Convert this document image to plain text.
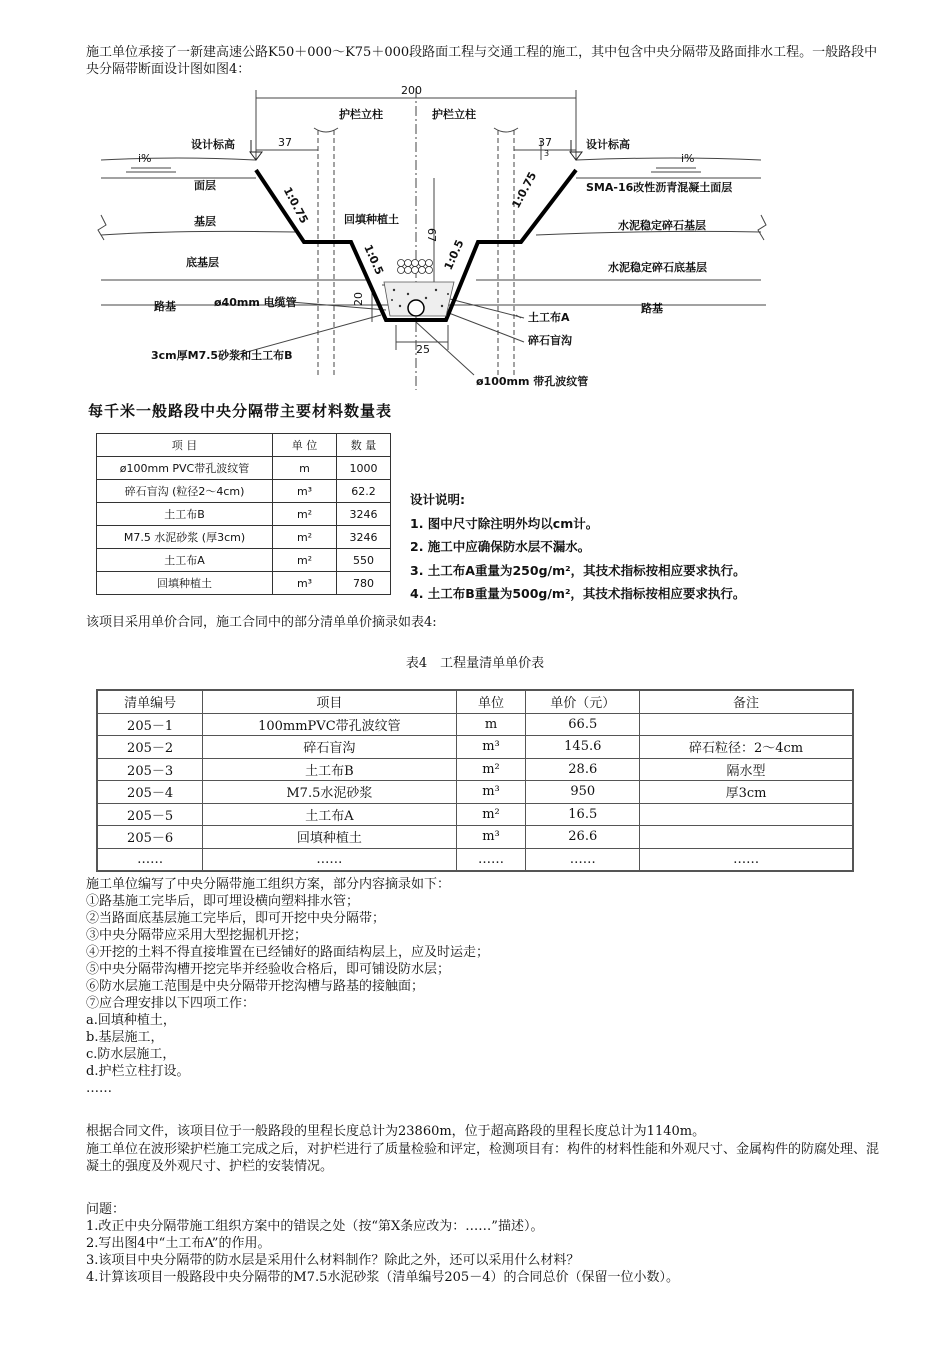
施工单位承接了一新建高速公路K50＋000～K75＋000段路面工程与交通工程的施工，其中包含中央分隔带及路面排水工程。一般路段中央分隔带断面设计图如图4：

200
护栏立柱	护栏立柱
37	37
3
设计标高	设计标高
i%	i%
面层
基层
底基层
路基	路基
SMA-16改性沥青混凝土面层
水泥稳定碎石基层
水泥稳定碎石底基层
回填种植土
1:0.75	1:0.75
1:0.5	1:0.5
67
20
25
ø40mm 电缆管
3cm厚M7.5砂浆和土工布B
土工布A
碎石盲沟
ø100mm 带孔波纹管
每千米一般路段中央分隔带主要材料数量表
项 目	单 位	数 量
ø100mm PVC带孔波纹管	m	1000
碎石盲沟 (粒径2～4cm)	m³	62.2
土工布B	m²	3246
M7.5 水泥砂浆 (厚3cm)	m²	3246
土工布A	m²	550
回填种植土	m³	780
设计说明:
1. 图中尺寸除注明外均以cm计。
2. 施工中应确保防水层不漏水。
3. 土工布A重量为250g/m²，其技术指标按相应要求执行。
4. 土工布B重量为500g/m²，其技术指标按相应要求执行。

该项目采用单价合同，施工合同中的部分清单单价摘录如表4:

表4　工程量清单单价表
清单编号	项目	单位	单价（元）	备注
205－1	100mmPVC带孔波纹管	m	66.5	
205－2	碎石盲沟	m³	145.6	碎石粒径：2～4cm
205－3	土工布B	m²	28.6	隔水型
205－4	M7.5水泥砂浆	m³	950	厚3cm
205－5	土工布A	m²	16.5	
205－6	回填种植土	m³	26.6	
……	……	……	……	……
施工单位编写了中央分隔带施工组织方案，部分内容摘录如下：
①路基施工完毕后，即可埋设横向塑料排水管；
②当路面底基层施工完毕后，即可开挖中央分隔带；
③中央分隔带应采用大型挖掘机开挖；
④开挖的土料不得直接堆置在已经铺好的路面结构层上，应及时运走；
⑤中央分隔带沟槽开挖完毕并经验收合格后，即可铺设防水层；
⑥防水层施工范围是中央分隔带开挖沟槽与路基的接触面；
⑦应合理安排以下四项工作：
a.回填种植土，
b.基层施工，
c.防水层施工，
d.护栏立柱打设。
……

根据合同文件，该项目位于一般路段的里程长度总计为23860m，位于超高路段的里程长度总计为1140m。

施工单位在波形梁护栏施工完成之后，对护栏进行了质量检验和评定，检测项目有：构件的材料性能和外观尺寸、金属构件的防腐处理、混凝土的强度及外观尺寸、护栏的安装情况。

问题：
1.改正中央分隔带施工组织方案中的错误之处（按“第X条应改为：……”描述）。
2.写出图4中“土工布A”的作用。
3.该项目中央分隔带的防水层是采用什么材料制作？除此之外，还可以采用什么材料？
4.计算该项目一般路段中央分隔带的M7.5水泥砂浆（清单编号205－4）的合同总价（保留一位小数）。
